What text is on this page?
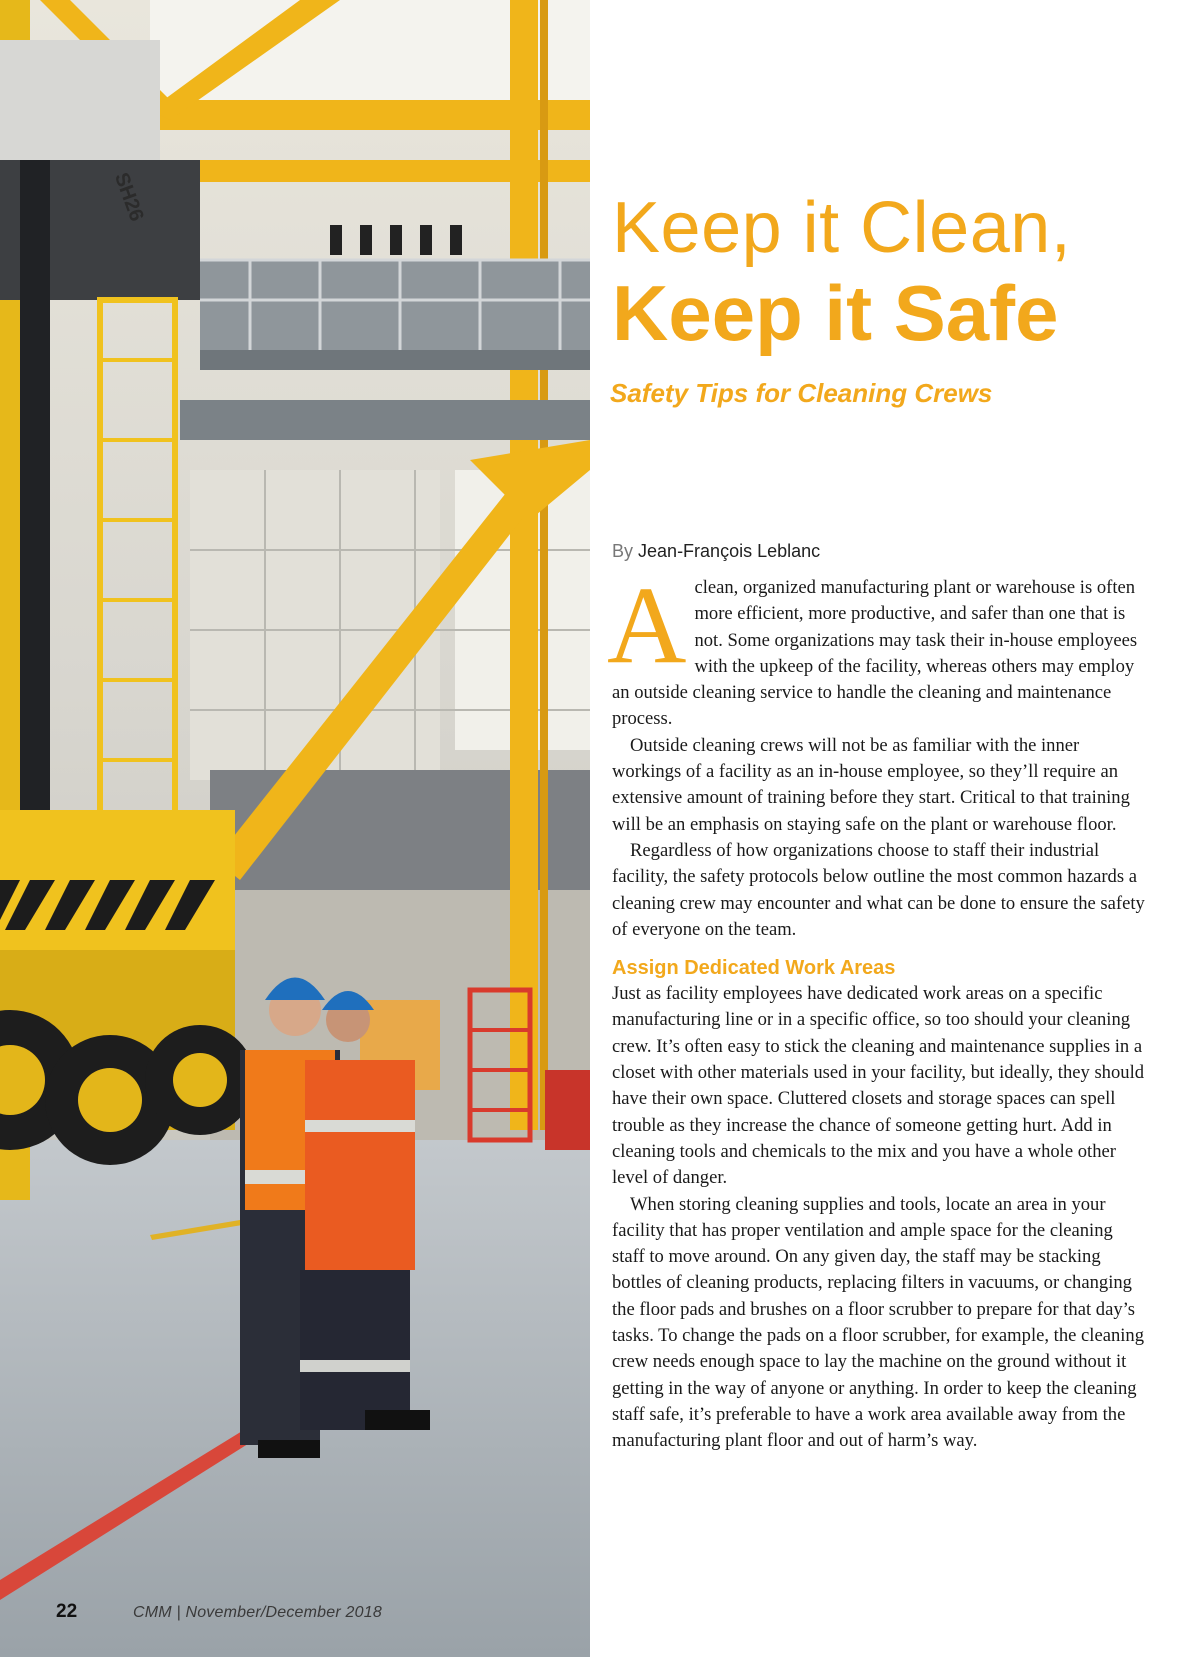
SH26
22	CMM | November/December 2018
Keep it Clean,
Keep it Safe
Safety Tips for Cleaning Crews
By Jean-François Leblanc

A clean, organized manufacturing plant or warehouse is often more efficient, more productive, and safer than one that is not. Some organizations may task their in-house employees with the upkeep of the facility, whereas others may employ an outside cleaning service to handle the cleaning and maintenance process.

Outside cleaning crews will not be as familiar with the inner workings of a facility as an in-house employee, so they’ll require an extensive amount of training before they start. Critical to that training will be an emphasis on staying safe on the plant or warehouse floor.

Regardless of how organizations choose to staff their industrial facility, the safety protocols below outline the most common hazards a cleaning crew may encounter and what can be done to ensure the safety of everyone on the team.

Assign Dedicated Work Areas

Just as facility employees have dedicated work areas on a specific manufacturing line or in a specific office, so too should your cleaning crew. It’s often easy to stick the cleaning and maintenance supplies in a closet with other materials used in your facility, but ideally, they should have their own space. Cluttered closets and storage spaces can spell trouble as they increase the chance of someone getting hurt. Add in cleaning tools and chemicals to the mix and you have a whole other level of danger.

When storing cleaning supplies and tools, locate an area in your facility that has proper ventilation and ample space for the cleaning staff to move around. On any given day, the staff may be stacking bottles of cleaning products, replacing filters in vacuums, or changing the floor pads and brushes on a floor scrubber to prepare for that day’s tasks. To change the pads on a floor scrubber, for example, the cleaning crew needs enough space to lay the machine on the ground without it getting in the way of anyone or anything. In order to keep the cleaning staff safe, it’s preferable to have a work area available away from the manufacturing plant floor and out of harm’s way.
